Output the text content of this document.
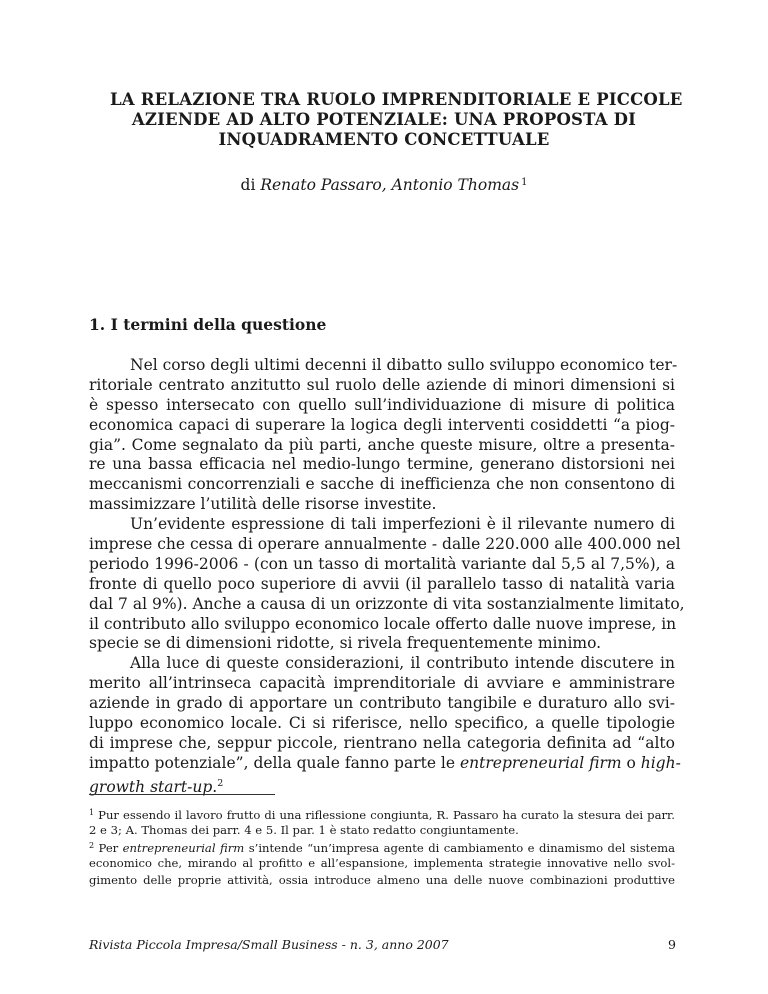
LA RELAZIONE TRA RUOLO IMPRENDITORIALE E PICCOLE
AZIENDE AD ALTO POTENZIALE: UNA PROPOSTA DI
INQUADRAMENTO CONCETTUALE
di Renato Passaro, Antonio Thomas $^1$
1. I termini della questione
Nel corso degli ultimi decenni il dibatto sullo sviluppo economico ter-
ritoriale centrato anzitutto sul ruolo delle aziende di minori dimensioni si
è spesso intersecato con quello sull’individuazione di misure di politica
economica capaci di superare la logica degli interventi cosiddetti “a piog-
gia”. Come segnalato da più parti, anche queste misure, oltre a presenta-
re una bassa efficacia nel medio-lungo termine, generano distorsioni nei
meccanismi concorrenziali e sacche di inefficienza che non consentono di
massimizzare l’utilità delle risorse investite.
Un’evidente espressione di tali imperfezioni è il rilevante numero di
imprese che cessa di operare annualmente - dalle 220.000 alle 400.000 nel
periodo 1996-2006 - (con un tasso di mortalità variante dal 5,5 al 7,5%), a
fronte di quello poco superiore di avvii (il parallelo tasso di natalità varia
dal 7 al 9%). Anche a causa di un orizzonte di vita sostanzialmente limitato,
il contributo allo sviluppo economico locale offerto dalle nuove imprese, in
specie se di dimensioni ridotte, si rivela frequentemente minimo.
Alla luce di queste considerazioni, il contributo intende discutere in
merito all’intrinseca capacità imprenditoriale di avviare e amministrare
aziende in grado di apportare un contributo tangibile e duraturo allo svi-
luppo economico locale. Ci si riferisce, nello specifico, a quelle tipologie
di imprese che, seppur piccole, rientrano nella categoria definita ad “alto
impatto potenziale”, della quale fanno parte le entrepreneurial firm o high-
growth start-up.$^2$
$^1$ Pur essendo il lavoro frutto di una riflessione congiunta, R. Passaro ha curato la stesura dei parr.
2 e 3; A. Thomas dei parr. 4 e 5. Il par. 1 è stato redatto congiuntamente.
$^2$ Per entrepreneurial firm s’intende “un’impresa agente di cambiamento e dinamismo del sistema
economico che, mirando al profitto e all’espansione, implementa strategie innovative nello svol-
gimento delle proprie attività, ossia introduce almeno una delle nuove combinazioni produttive
Rivista Piccola Impresa/Small Business - n. 3, anno 2007	9
